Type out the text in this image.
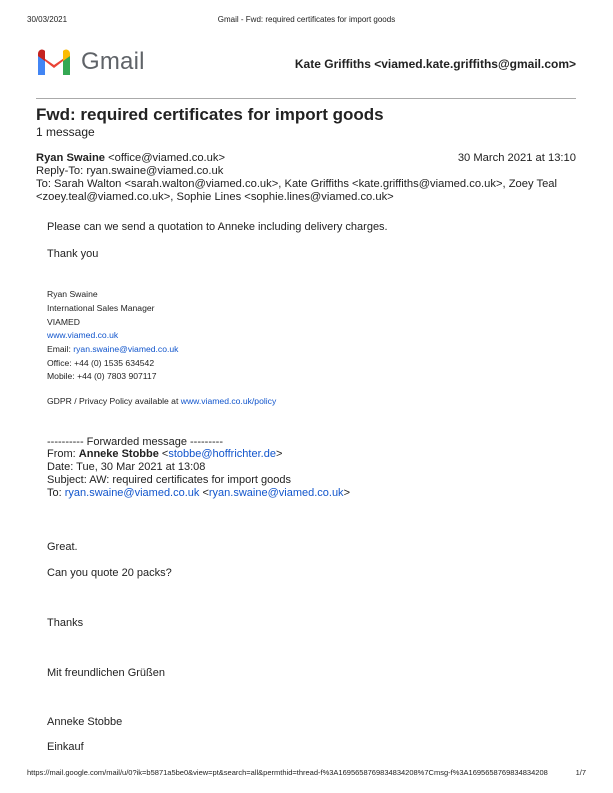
30/03/2021	Gmail - Fwd: required certificates for import goods
Gmail	Kate Griffiths <viamed.kate.griffiths@gmail.com>
Fwd: required certificates for import goods
1 message
Ryan Swaine <office@viamed.co.uk>	30 March 2021 at 13:10
Reply-To: ryan.swaine@viamed.co.uk
To: Sarah Walton <sarah.walton@viamed.co.uk>, Kate Griffiths <kate.griffiths@viamed.co.uk>, Zoey Teal <zoey.teal@viamed.co.uk>, Sophie Lines <sophie.lines@viamed.co.uk>
Please can we send a quotation to Anneke including delivery charges.
Thank you
Ryan Swaine
International Sales Manager
VIAMED
www.viamed.co.uk
Email: ryan.swaine@viamed.co.uk
Office: +44 (0) 1535 634542
Mobile: +44 (0) 7803 907117
GDPR / Privacy Policy available at www.viamed.co.uk/policy
---------- Forwarded message ---------
From: Anneke Stobbe <stobbe@hoffrichter.de>
Date: Tue, 30 Mar 2021 at 13:08
Subject: AW: required certificates for import goods
To: ryan.swaine@viamed.co.uk <ryan.swaine@viamed.co.uk>
Great.
Can you quote 20 packs?
Thanks
Mit freundlichen Grüßen
Anneke Stobbe
Einkauf
https://mail.google.com/mail/u/0?ik=b5871a5be0&view=pt&search=all&permthid=thread-f%3A1695658769834834208%7Cmsg-f%3A1695658769834834208	1/7
